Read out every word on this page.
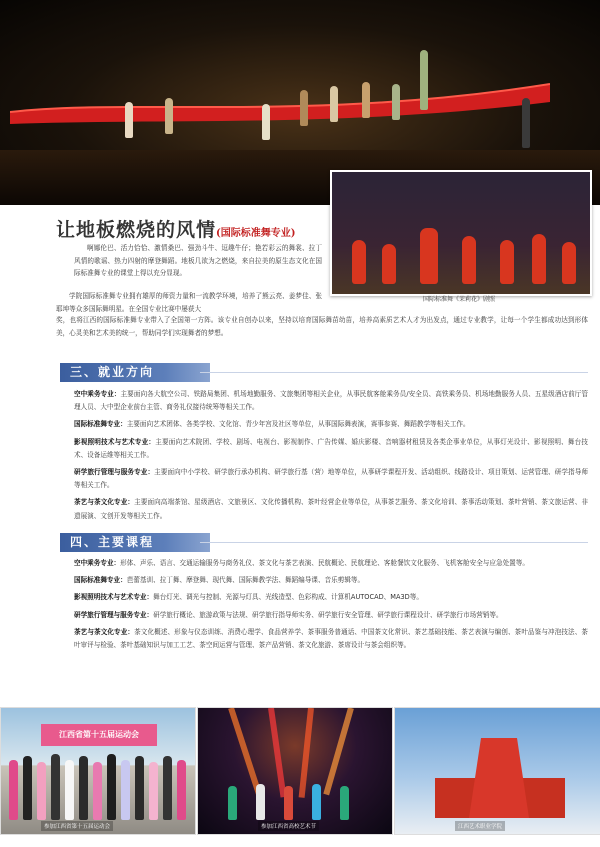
国际标准舞《茉莉花》剧照
让地板燃烧的风情(国际标准舞专业)
啊娜伦巴、活力恰恰、激情桑巴、强劲斗牛、逗趣牛仔；艳若彩云的舞裳、拉丁风情的歌谣、热力四射的摩登舞蹈。地板几欲为之燃烧，来自拉美的原生态文化在国际标准舞专业的课堂上得以充分显现。
学院国际标准舞专业拥有雄厚的师资力量和一流教学环境，培养了熊云亮、姜梦佳、张耶坤等众多国际舞明星。在全国专业比赛中屡获大
奖，也将江西的国际标准舞专业带入了全国第一方阵。该专业自创办以来，坚持以培育国际舞苗幼苗，培养高素质艺术人才为出发点，通过专业教学，让每一个学生都成功达到形体美，心灵美和艺术美的统一，帮助同学们实现舞者的梦想。
三、就业方向

空中乘务专业：主要面向各大航空公司、铁路局集团、机场地勤服务、文旅集团等相关企业，从事民航客舱乘务员/安全员、高铁乘务员、机场地勤服务人员、五星级酒店前厅管理人员、大中型企业前台主管、商务礼仪接待统筹等相关工作。

国际标准舞专业：主要面向艺术团体、各类学校、文化馆、青少年宫及社区等单位，从事国际舞表演，赛事参赛、舞蹈教学等相关工作。

影视照明技术与艺术专业：主要面向艺术院团、学校、剧场、电视台、影视制作、广告传媒、婚庆影楼、音响器材租赁及各类企事业单位，从事灯光设计、影视照明、舞台技术、设备运维等相关工作。

研学旅行管理与服务专业：主要面向中小学校、研学旅行承办机构、研学旅行基（营）地等单位，从事研学课程开发、活动组织、线路设计、项目策划、运营管理、研学指导师等相关工作。

茶艺与茶文化专业：主要面向高端茶馆、星级酒店、文旅景区、文化传播机构、茶叶经营企业等单位，从事茶艺服务、茶文化培训、茶事活动策划、茶叶营销、茶文旅运营、非遗展演、文创开发等相关工作。

四、主要课程

空中乘务专业：形体、声乐、语言、交通运输服务与商务礼仪、茶文化与茶艺表演、民航概论、民航理论、客舱餐饮文化服务、飞机客舱安全与应急处置等。

国际标准舞专业：芭蕾基训、拉丁舞、摩登舞、现代舞、国际舞教学法、舞蹈编导课、音乐剪辑等。

影视照明技术与艺术专业：舞台灯光、调光与控制、光源与灯具、光线造型、色彩构成、计算机AUTOCAD、MA3D等。

研学旅行管理与服务专业：研学旅行概论、旅游政策与法规、研学旅行指导师实务、研学旅行安全管理、研学旅行课程设计、研学旅行市场营销等。

茶艺与茶文化专业：茶文化概述、形象与仪态训练、消费心理学、食品营养学、茶事服务普通话、中国茶文化常识、茶艺基础技能、茶艺表演与编创、茶叶品鉴与冲泡技法、茶叶审评与检验、茶叶基础知识与加工工艺、茶空间运营与管理、茶产品营销、茶文化旅游、茶席设计与茶会组织等。

江西省第十五届运动会
参加江西省第十五届运动会	参加江西省高校艺术节	江西艺术职业学院
